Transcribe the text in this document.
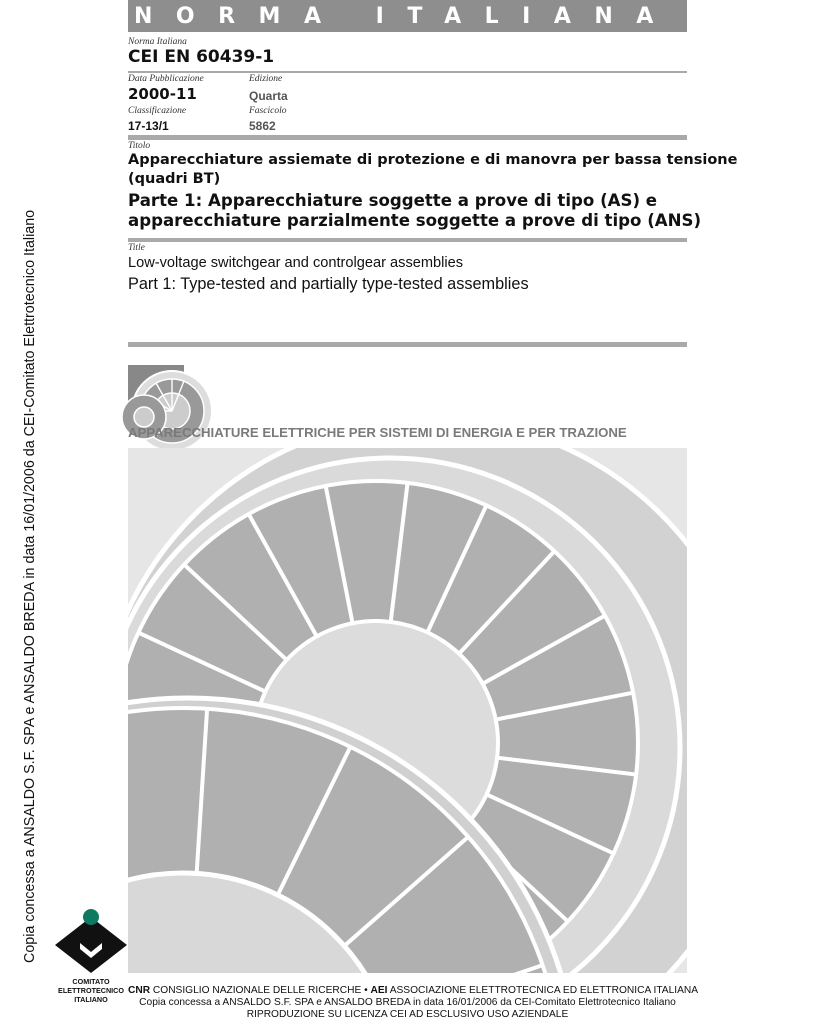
NORMA ITALIANA CEI
Norma Italiana
CEI EN 60439-1
Data Pubblicazione
2000-11
Edizione
Quarta
Classificazione
17-13/1
Fascicolo
5862
Titolo
Apparecchiature assiemate di protezione e di manovra per bassa tensione
(quadri BT)
Parte 1: Apparecchiature soggette a prove di tipo (AS) e
apparecchiature parzialmente soggette a prove di tipo (ANS)
Title
Low-voltage switchgear and controlgear assemblies
Part 1: Type-tested and partially type-tested assemblies
APPARECCHIATURE ELETTRICHE PER SISTEMI DI ENERGIA E PER TRAZIONE
Copia concessa a ANSALDO S.F. SPA e ANSALDO BREDA in data 16/01/2006 da CEI-Comitato Elettrotecnico Italiano
COMITATO
ELETTROTECNICO
ITALIANO
CNR CONSIGLIO NAZIONALE DELLE RICERCHE • AEI ASSOCIAZIONE ELETTROTECNICA ED ELETTRONICA ITALIANA
Copia concessa a ANSALDO S.F. SPA e ANSALDO BREDA in data 16/01/2006 da CEI-Comitato Elettrotecnico Italiano
RIPRODUZIONE SU LICENZA CEI AD ESCLUSIVO USO AZIENDALE
